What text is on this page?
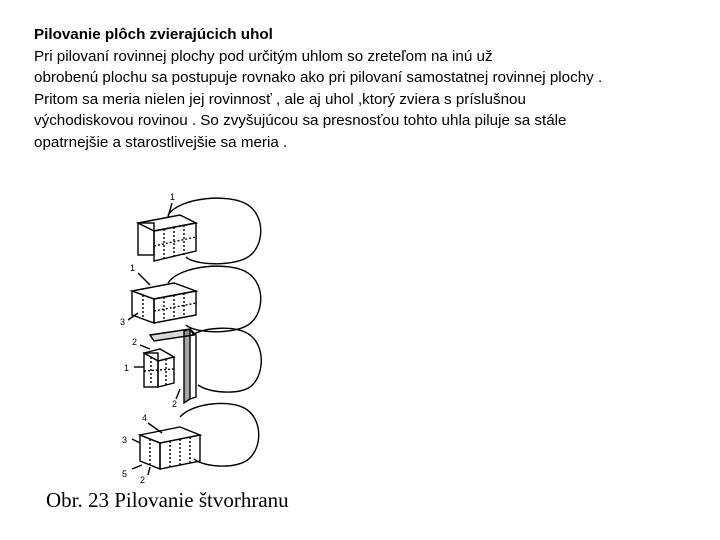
Pilovanie plôch zvierajúcich uhol
Pri pilovaní rovinnej plochy pod určitým uhlom so zreteľom na inú už
obrobenú plochu sa postupuje rovnako ako pri pilovaní samostatnej rovinnej plochy .
Pritom sa meria nielen jej rovinnosť , ale aj uhol ,ktorý zviera s príslušnou
východiskovou rovinou . So zvyšujúcou sa presnosťou tohto uhla piluje sa stále
opatrnejšie a starostlivejšie sa meria .
1
1
3
2
1
2
4
3
5
2
Obr. 23 Pilovanie štvorhranu
